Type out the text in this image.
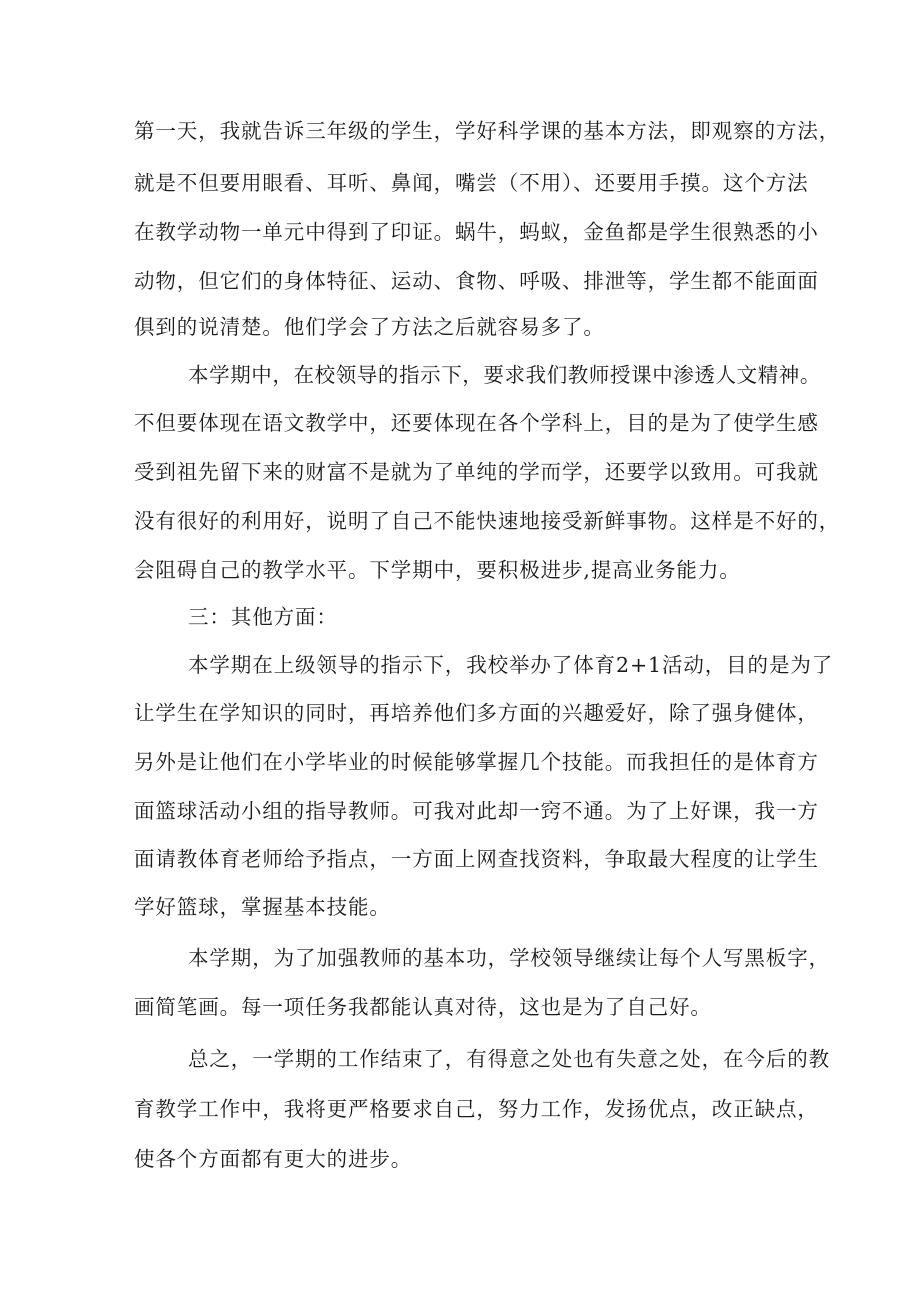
第一天，我就告诉三年级的学生，学好科学课的基本方法，即观察的方法，
就是不但要用眼看、耳听、鼻闻，嘴尝（不用）、还要用手摸。这个方法
在教学动物一单元中得到了印证。蜗牛，蚂蚁，金鱼都是学生很熟悉的小
动物，但它们的身体特征、运动、食物、呼吸、排泄等，学生都不能面面
俱到的说清楚。他们学会了方法之后就容易多了。
本学期中，在校领导的指示下，要求我们教师授课中渗透人文精神。
不但要体现在语文教学中，还要体现在各个学科上，目的是为了使学生感
受到祖先留下来的财富不是就为了单纯的学而学，还要学以致用。可我就
没有很好的利用好，说明了自己不能快速地接受新鲜事物。这样是不好的，
会阻碍自己的教学水平。下学期中，要积极进步,提高业务能力。
三：其他方面：
本学期在上级领导的指示下，我校举办了体育2+1活动，目的是为了
让学生在学知识的同时，再培养他们多方面的兴趣爱好，除了强身健体，
另外是让他们在小学毕业的时候能够掌握几个技能。而我担任的是体育方
面篮球活动小组的指导教师。可我对此却一窍不通。为了上好课，我一方
面请教体育老师给予指点，一方面上网查找资料，争取最大程度的让学生
学好篮球，掌握基本技能。
本学期，为了加强教师的基本功，学校领导继续让每个人写黑板字，
画简笔画。每一项任务我都能认真对待，这也是为了自己好。
总之，一学期的工作结束了，有得意之处也有失意之处，在今后的教
育教学工作中，我将更严格要求自己，努力工作，发扬优点，改正缺点，
使各个方面都有更大的进步。
